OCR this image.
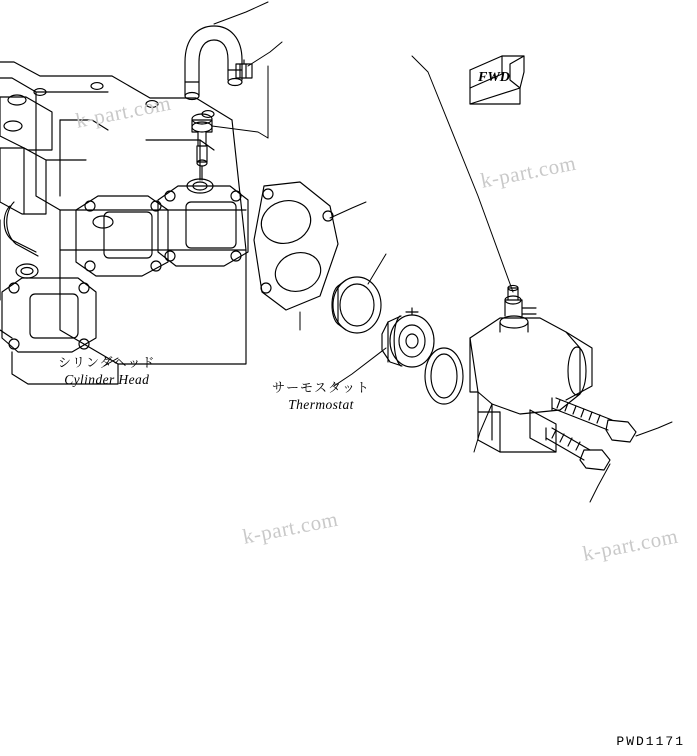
k-part.com
k-part.com
k-part.com	k-part.com
FWD
シリンダヘッド
Cylinder Head
サーモスタット
Thermostat
PWD1171
